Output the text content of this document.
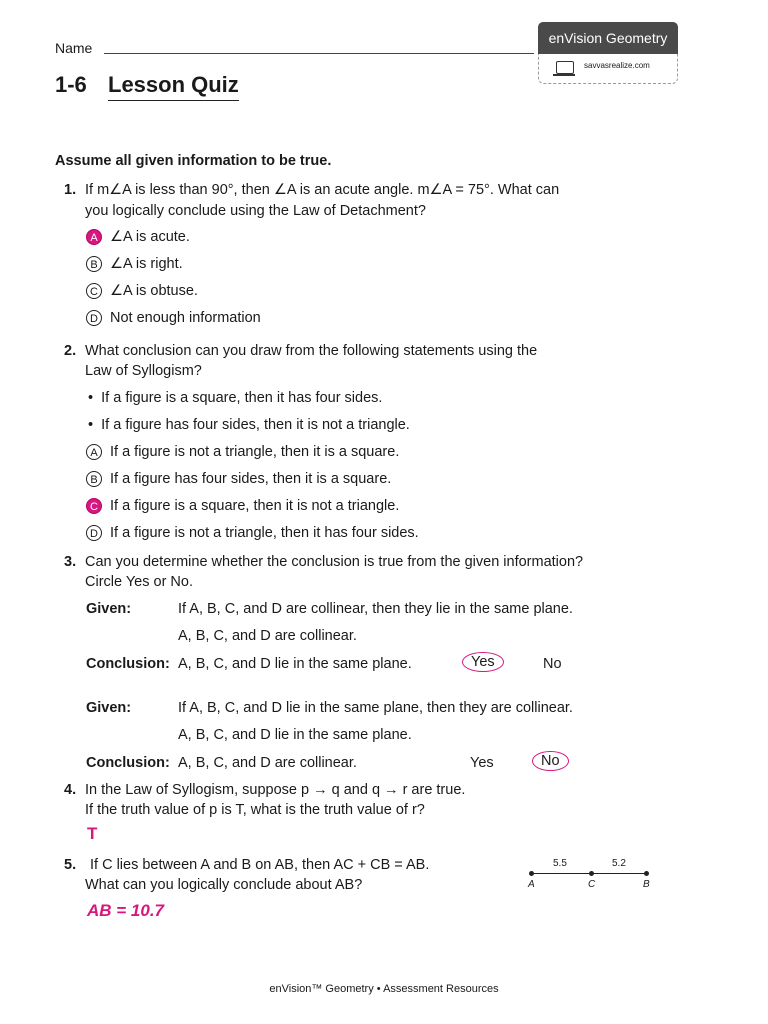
Name
enVision Geometry
savvasrealize.com
1-6 Lesson Quiz
Assume all given information to be true.
1. If m∠A is less than 90°, then ∠A is an acute angle. m∠A = 75°. What can
you logically conclude using the Law of Detachment?
A ∠A is acute.
B ∠A is right.
C ∠A is obtuse.
D Not enough information
2. What conclusion can you draw from the following statements using the
Law of Syllogism?
•  If a figure is a square, then it has four sides.
•  If a figure has four sides, then it is not a triangle.
A If a figure is not a triangle, then it is a square.
B If a figure has four sides, then it is a square.
C If a figure is a square, then it is not a triangle.
D If a figure is not a triangle, then it has four sides.
3. Can you determine whether the conclusion is true from the given information?
Circle Yes or No.
Given:	If A, B, C, and D are collinear, then they lie in the same plane.
A, B, C, and D are collinear.
Conclusion: A, B, C, and D lie in the same plane.	Yes	No
Given:	If A, B, C, and D lie in the same plane, then they are collinear.
A, B, C, and D lie in the same plane.
Conclusion: A, B, C, and D are collinear.	Yes	No
4. In the Law of Syllogism, suppose p → q and q → r are true.
If the truth value of p is T, what is the truth value of r?
T
5. If C lies between A and B on AB, then AC + CB = AB.
What can you logically conclude about AB?
AB = 10.7
5.5	5.2
A	C	B
enVision™ Geometry • Assessment Resources
